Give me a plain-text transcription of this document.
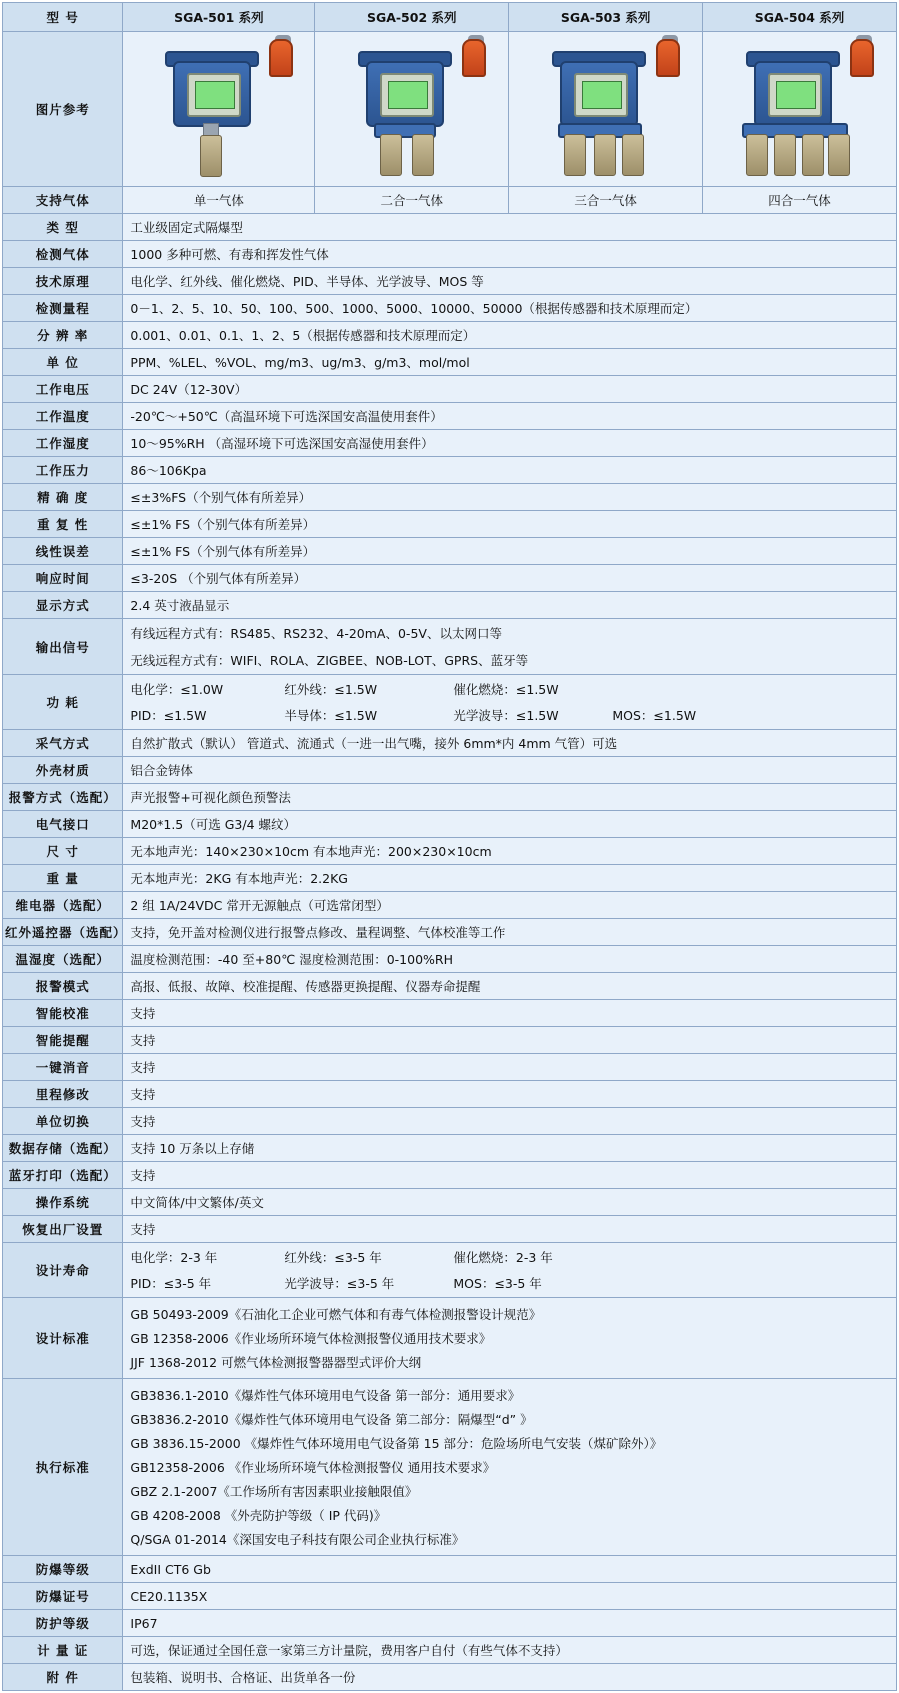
型 号	SGA-501 系列	SGA-502 系列	SGA-503 系列	SGA-504 系列
图片参考	

支持气体	单一气体	二合一气体	三合一气体	四合一气体
类 型	工业级固定式隔爆型			
检测气体	1000 多种可燃、有毒和挥发性气体			
技术原理	电化学、红外线、催化燃烧、PID、半导体、光学波导、MOS 等			
检测量程	0－1、2、5、10、50、100、500、1000、5000、10000、50000（根据传感器和技术原理而定）			
分 辨 率	0.001、0.01、0.1、1、2、5（根据传感器和技术原理而定）			
单 位	PPM、%LEL、%VOL、mg/m3、ug/m3、g/m3、mol/mol			
工作电压	DC 24V（12-30V）			
工作温度	-20℃～+50℃（高温环境下可选深国安高温使用套件）			
工作湿度	10～95%RH （高湿环境下可选深国安高湿使用套件）			
工作压力	86～106Kpa			
精 确 度	≤±3%FS（个别气体有所差异）			
重 复 性	≤±1% FS（个别气体有所差异）			
线性误差	≤±1% FS（个别气体有所差异）			
响应时间	≤3-20S （个别气体有所差异）			
显示方式	2.4 英寸液晶显示			
输出信号	有线远程方式有：RS485、RS232、4-20mA、0-5V、以太网口等
无线远程方式有：WIFI、ROLA、ZIGBEE、NOB-LOT、GPRS、蓝牙等			

功 耗	电化学：≤1.0W 红外线：≤1.5W 催化燃烧：≤1.5W
PID：≤1.5W 半导体：≤1.5W 光学波导：≤1.5W MOS：≤1.5W			

采气方式	自然扩散式（默认） 管道式、流通式（一进一出气嘴，接外 6mm*内 4mm 气管）可选			
外壳材质	铝合金铸体			
报警方式（选配）	声光报警+可视化颜色预警法			
电气接口	M20*1.5（可选 G3/4 螺纹）			
尺 寸	无本地声光：140×230×10cm 有本地声光：200×230×10cm			
重 量	无本地声光：2KG 有本地声光：2.2KG			
维电器（选配）	2 组 1A/24VDC 常开无源触点（可选常闭型）			
红外遥控器（选配）	支持，免开盖对检测仪进行报警点修改、量程调整、气体校准等工作			
温湿度（选配）	温度检测范围：-40 至+80℃ 湿度检测范围：0-100%RH			
报警模式	高报、低报、故障、校准提醒、传感器更换提醒、仪器寿命提醒			
智能校准	支持			
智能提醒	支持			
一键消音	支持			
里程修改	支持			
单位切换	支持			
数据存储（选配）	支持 10 万条以上存储			
蓝牙打印（选配）	支持			
操作系统	中文简体/中文繁体/英文			
恢复出厂设置	支持			
设计寿命	电化学：2-3 年 红外线：≤3-5 年 催化燃烧：2-3 年
PID：≤3-5 年 光学波导：≤3-5 年 MOS：≤3-5 年			

设计标准	GB 50493-2009《石油化工企业可燃气体和有毒气体检测报警设计规范》
GB 12358-2006《作业场所环境气体检测报警仪通用技术要求》
JJF 1368-2012 可燃气体检测报警器器型式评价大纲			

执行标准	
GB3836.1-2010《爆炸性气体环境用电气设备 第一部分：通用要求》
GB3836.2-2010《爆炸性气体环境用电气设备 第二部分：隔爆型“d” 》
GB 3836.15-2000 《爆炸性气体环境用电气设备第 15 部分：危险场所电气安装（煤矿除外）》
GB12358-2006 《作业场所环境气体检测报警仪 通用技术要求》
GBZ 2.1-2007《工作场所有害因素职业接触限值》
GB 4208-2008 《外壳防护等级（ IP 代码)》
Q/SGA 01-2014《深国安电子科技有限公司企业执行标准》

防爆等级	ExdII CT6 Gb			
防爆证号	CE20.1135X			
防护等级	IP67			
计 量 证	可选，保证通过全国任意一家第三方计量院，费用客户自付（有些气体不支持）			
附 件	包装箱、说明书、合格证、出货单各一份			
